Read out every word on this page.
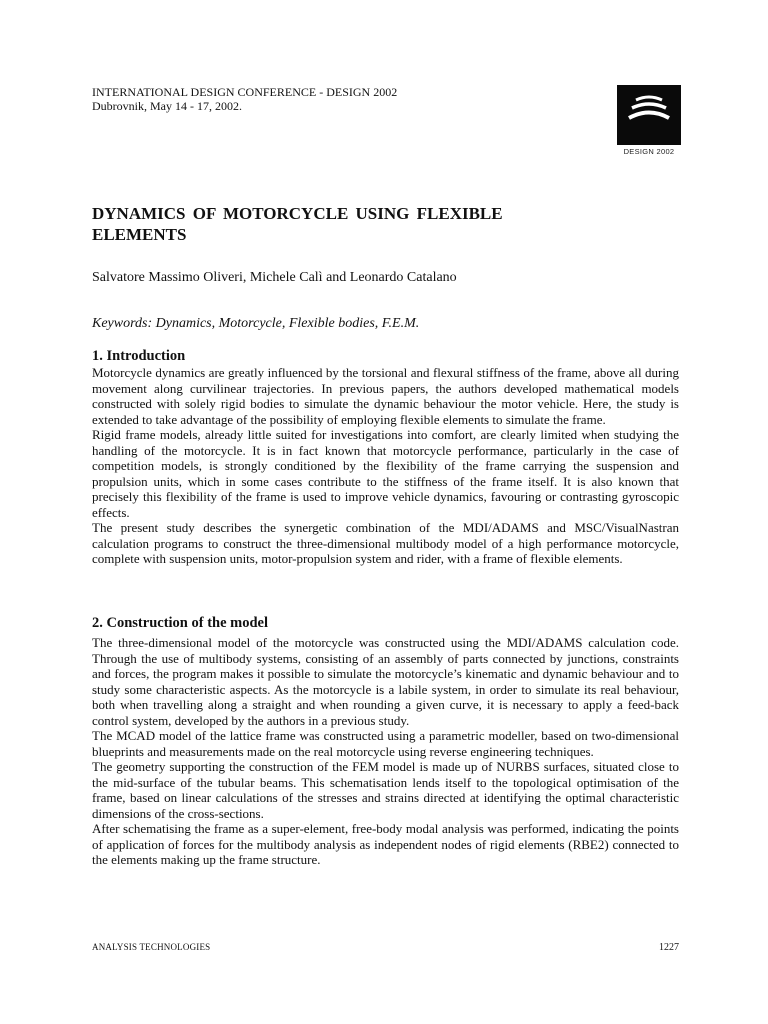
INTERNATIONAL DESIGN CONFERENCE - DESIGN 2002
Dubrovnik, May 14 - 17, 2002.
DESIGN 2002
DYNAMICS OF MOTORCYCLE USING FLEXIBLE ELEMENTS
Salvatore Massimo Oliveri, Michele Calì and Leonardo Catalano
Keywords: Dynamics, Motorcycle, Flexible bodies, F.E.M.
1. Introduction

Motorcycle dynamics are greatly influenced by the torsional and flexural stiffness of the frame, above all during movement along curvilinear trajectories. In previous papers, the authors developed mathematical models constructed with solely rigid bodies to simulate the dynamic behaviour the motor vehicle. Here, the study is extended to take advantage of the possibility of employing flexible elements to simulate the frame.

Rigid frame models, already little suited for investigations into comfort, are clearly limited when studying the handling of the motorcycle. It is in fact known that motorcycle performance, particularly in the case of competition models, is strongly conditioned by the flexibility of the frame carrying the suspension and propulsion units, which in some cases contribute to the stiffness of the frame itself. It is also known that precisely this flexibility of the frame is used to improve vehicle dynamics, favouring or contrasting gyroscopic effects.

The present study describes the synergetic combination of the MDI/ADAMS and MSC/VisualNastran calculation programs to construct the three-dimensional multibody model of a high performance motorcycle, complete with suspension units, motor-propulsion system and rider, with a frame of flexible elements.

2. Construction of the model

The three-dimensional model of the motorcycle was constructed using the MDI/ADAMS calculation code. Through the use of multibody systems, consisting of an assembly of parts connected by junctions, constraints and forces, the program makes it possible to simulate the motorcycle’s kinematic and dynamic behaviour and to study some characteristic aspects. As the motorcycle is a labile system, in order to simulate its real behaviour, both when travelling along a straight and when rounding a given curve, it is necessary to apply a feed-back control system, developed by the authors in a previous study.

The MCAD model of the lattice frame was constructed using a parametric modeller, based on two-dimensional blueprints and measurements made on the real motorcycle using reverse engineering techniques.

The geometry supporting the construction of the FEM model is made up of NURBS surfaces, situated close to the mid-surface of the tubular beams. This schematisation lends itself to the topological optimisation of the frame, based on linear calculations of the stresses and strains directed at identifying the optimal characteristic dimensions of the cross-sections.

After schematising the frame as a super-element, free-body modal analysis was performed, indicating the points of application of forces for the multibody analysis as independent nodes of rigid elements (RBE2) connected to the elements making up the frame structure.

ANALYSIS TECHNOLOGIES	1227
